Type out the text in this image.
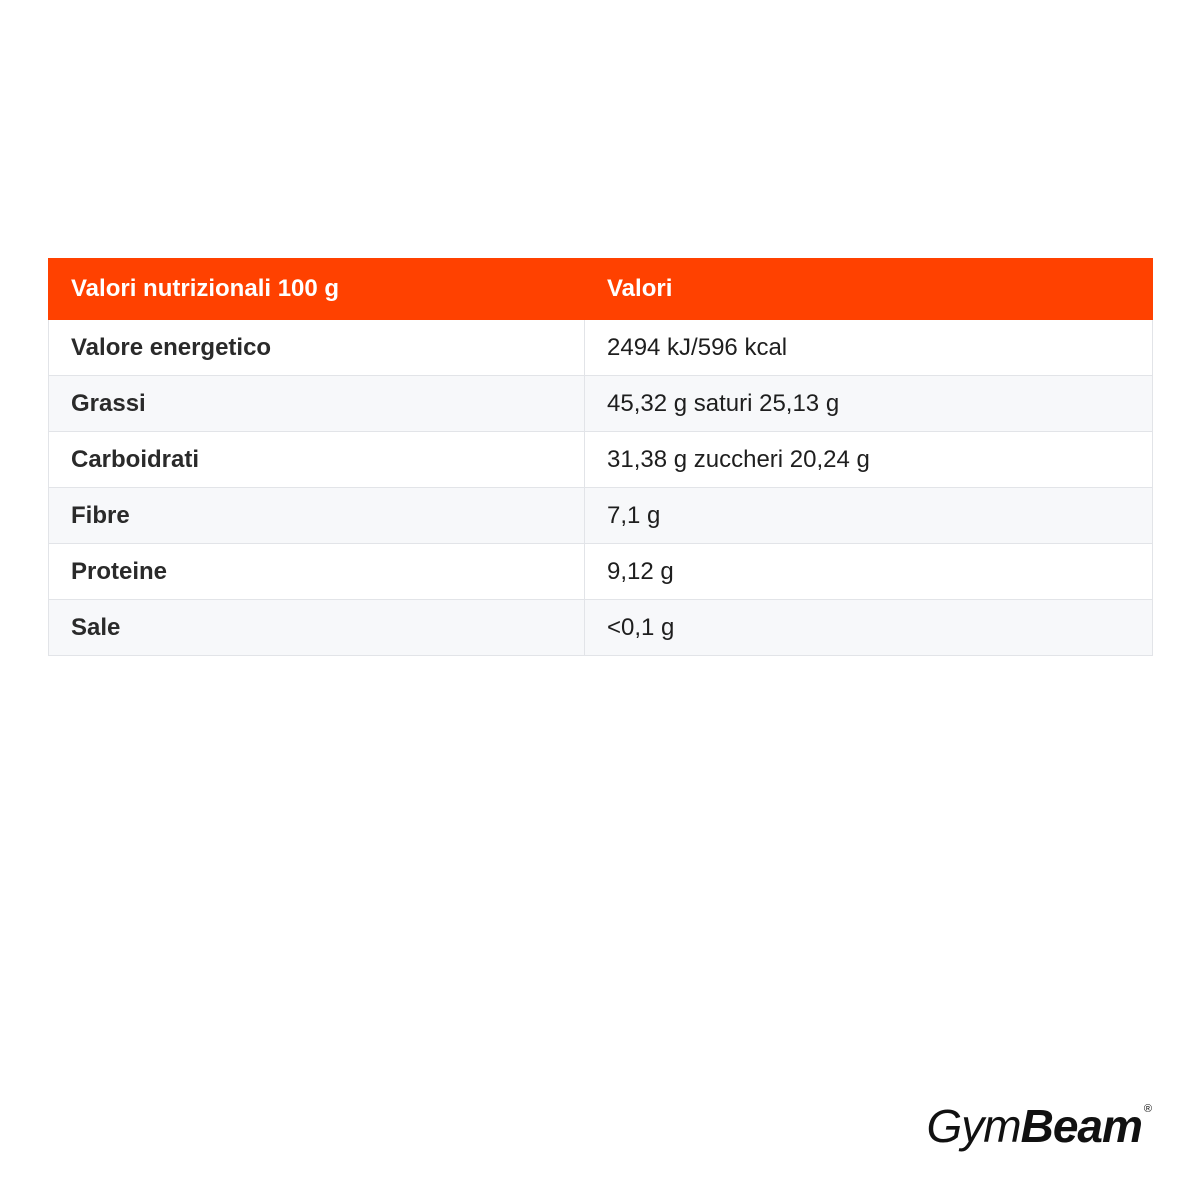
Valori nutrizionali 100 g	Valori
Valore energetico	2494 kJ/596 kcal
Grassi	45,32 g saturi 25,13 g
Carboidrati	31,38 g zuccheri 20,24 g
Fibre	7,1 g
Proteine	9,12 g
Sale	<0,1 g
Gym Beam ®
